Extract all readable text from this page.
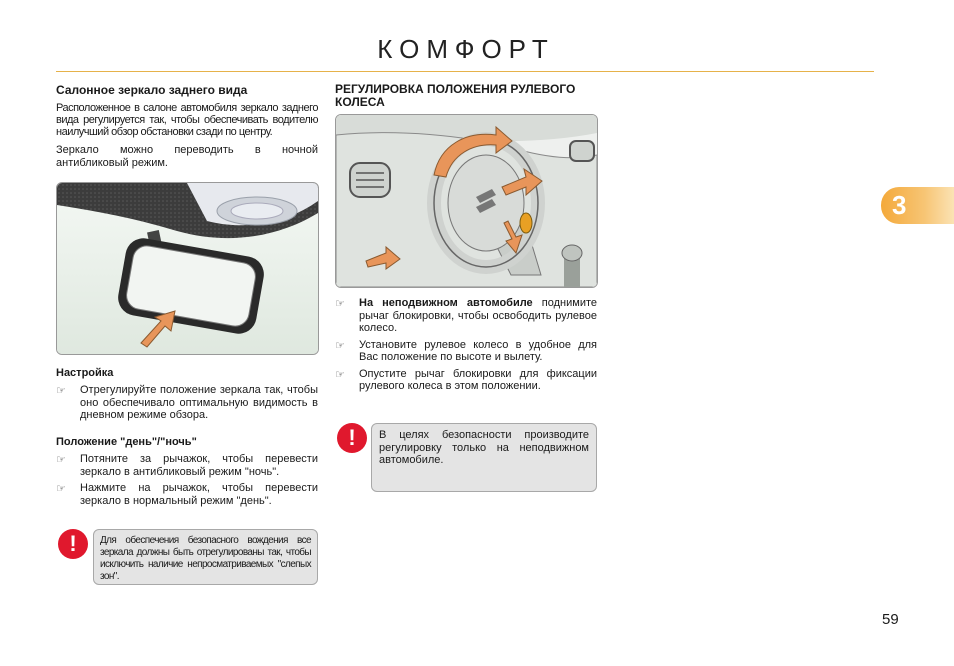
КОМФОРТ
3
Салонное зеркало заднего вида

Расположенное в салоне автомобиля зеркало заднего вида регулируется так, чтобы обеспечивать водителю наилучший обзор обстановки сзади по центру.

Зеркало можно переводить в ночной антибликовый режим.

Настройка
☞ Отрегулируйте положение зеркала так, чтобы оно обеспечивало оптимальную видимость в дневном режиме обзора.

Положение "день"/"ночь"
☞ Потяните за рычажок, чтобы перевести зеркало в антибликовый режим "ночь".

☞ Нажмите на рычажок, чтобы перевести зеркало в нормальный режим "день".

!	Для обеспечения безопасного вождения все зеркала должны быть отрегулированы так, чтобы исключить наличие непросматриваемых "слепых зон".

РЕГУЛИРОВКА ПОЛОЖЕНИЯ РУЛЕВОГО КОЛЕСА
☞ На неподвижном автомобиле поднимите рычаг блокировки, чтобы освободить рулевое колесо.

☞ Установите рулевое колесо в удобное для Вас положение по высоте и вылету.

☞ Опустите рычаг блокировки для фиксации рулевого колеса в этом положении.

!	В целях безопасности производите регулировку только на неподвижном автомобиле.

59
